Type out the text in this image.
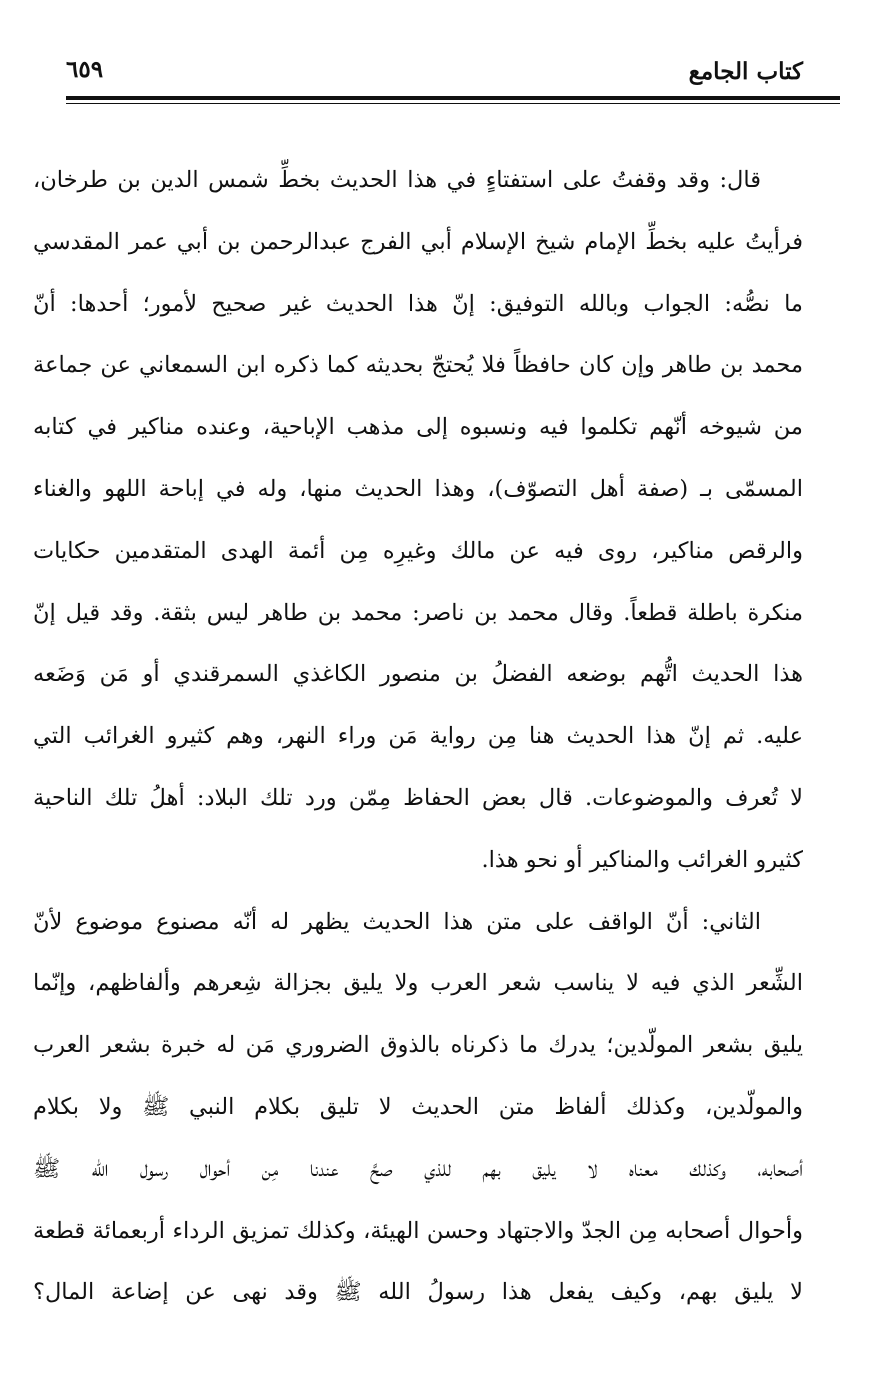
كتاب الجامع
٦٥٩
قال: وقد وقفتُ على استفتاءٍ في هذا الحديث بخطِّ شمس الدين بن طرخان،
فرأيتُ عليه بخطِّ الإمام شيخ الإسلام أبي الفرج عبدالرحمن بن أبي عمر المقدسي
ما نصُّه: الجواب وبالله التوفيق: إنّ هذا الحديث غير صحيح لأمور؛ أحدها: أنّ
محمد بن طاهر وإن كان حافظاً فلا يُحتجّ بحديثه كما ذكره ابن السمعاني عن جماعة
من شيوخه أنّهم تكلموا فيه ونسبوه إلى مذهب الإباحية، وعنده مناكير في كتابه
المسمّى بـ (صفة أهل التصوّف)، وهذا الحديث منها، وله في إباحة اللهو والغناء
والرقص مناكير، روى فيه عن مالك وغيرِه مِن أئمة الهدى المتقدمين حكايات
منكرة باطلة قطعاً. وقال محمد بن ناصر: محمد بن طاهر ليس بثقة. وقد قيل إنّ
هذا الحديث اتُّهم بوضعه الفضلُ بن منصور الكاغذي السمرقندي أو مَن وَضَعه
عليه. ثم إنّ هذا الحديث هنا مِن رواية مَن وراء النهر، وهم كثيرو الغرائب التي
لا تُعرف والموضوعات. قال بعض الحفاظ مِمّن ورد تلك البلاد: أهلُ تلك الناحية
كثيرو الغرائب والمناكير أو نحو هذا.
الثاني: أنّ الواقف على متن هذا الحديث يظهر له أنّه مصنوع موضوع لأنّ
الشِّعر الذي فيه لا يناسب شعر العرب ولا يليق بجزالة شِعرهم وألفاظهم، وإنّما
يليق بشعر المولّدين؛ يدرك ما ذكرناه بالذوق الضروري مَن له خبرة بشعر العرب
والمولّدين، وكذلك ألفاظ متن الحديث لا تليق بكلام النبي ﷺ ولا بكلام
أصحابه، وكذلك معناه لا يليق بهم للذي صحَّ عندنا مِن أحوال رسول الله ﷺ
وأحوال أصحابه مِن الجدّ والاجتهاد وحسن الهيئة، وكذلك تمزيق الرداء أربعمائة قطعة
لا يليق بهم، وكيف يفعل هذا رسولُ الله ﷺ وقد نهى عن إضاعة المال؟
